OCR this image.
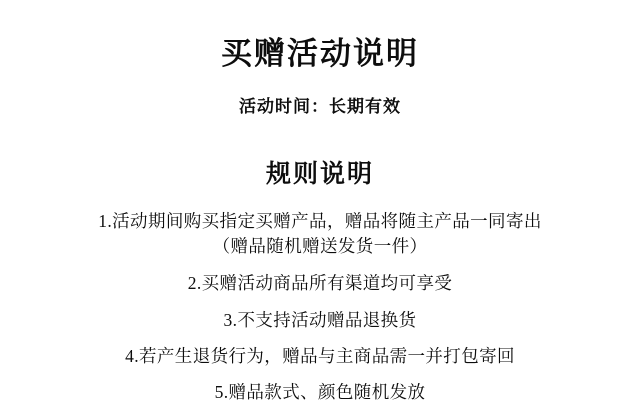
买赠活动说明
活动时间：长期有效
规则说明
1.活动期间购买指定买赠产品，赠品将随主产品一同寄出
（赠品随机赠送发货一件）
2.买赠活动商品所有渠道均可享受
3.不支持活动赠品退换货
4.若产生退货行为，赠品与主商品需一并打包寄回
5.赠品款式、颜色随机发放
